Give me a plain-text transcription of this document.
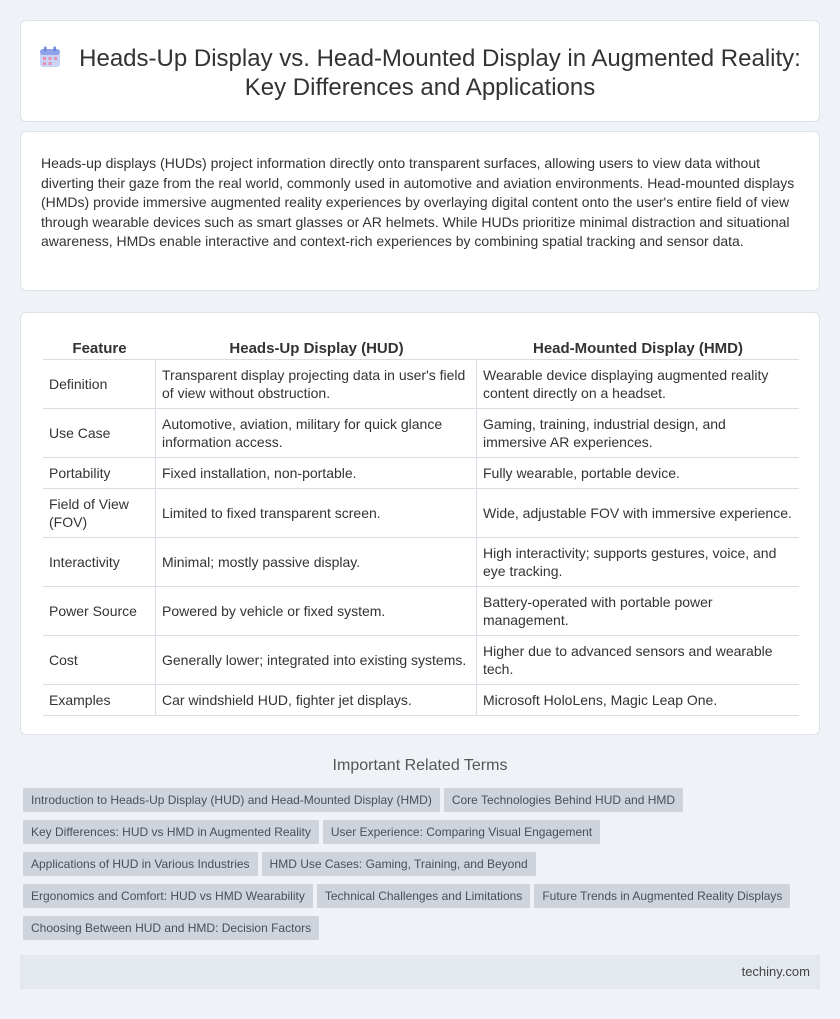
Heads-Up Display vs. Head-Mounted Display in Augmented Reality: Key Differences and Applications

Heads-up displays (HUDs) project information directly onto transparent surfaces, allowing users to view data without diverting their gaze from the real world, commonly used in automotive and aviation environments. Head-mounted displays (HMDs) provide immersive augmented reality experiences by overlaying digital content onto the user's entire field of view through wearable devices such as smart glasses or AR helmets. While HUDs prioritize minimal distraction and situational awareness, HMDs enable interactive and context-rich experiences by combining spatial tracking and sensor data.

Feature	Heads-Up Display (HUD)	Head-Mounted Display (HMD)
Definition	Transparent display projecting data in user's field of view without obstruction.	Wearable device displaying augmented reality content directly on a headset.
Use Case	Automotive, aviation, military for quick glance information access.	Gaming, training, industrial design, and immersive AR experiences.
Portability	Fixed installation, non-portable.	Fully wearable, portable device.
Field of View (FOV)	Limited to fixed transparent screen.	Wide, adjustable FOV with immersive experience.
Interactivity	Minimal; mostly passive display.	High interactivity; supports gestures, voice, and eye tracking.
Power Source	Powered by vehicle or fixed system.	Battery-operated with portable power management.
Cost	Generally lower; integrated into existing systems.	Higher due to advanced sensors and wearable tech.
Examples	Car windshield HUD, fighter jet displays.	Microsoft HoloLens, Magic Leap One.
Important Related Terms
Introduction to Heads-Up Display (HUD) and Head-Mounted Display (HMD) Core Technologies Behind HUD and HMD
Key Differences: HUD vs HMD in Augmented Reality User Experience: Comparing Visual Engagement
Applications of HUD in Various Industries HMD Use Cases: Gaming, Training, and Beyond
Ergonomics and Comfort: HUD vs HMD Wearability Technical Challenges and Limitations Future Trends in Augmented Reality Displays
Choosing Between HUD and HMD: Decision Factors
techiny.com
